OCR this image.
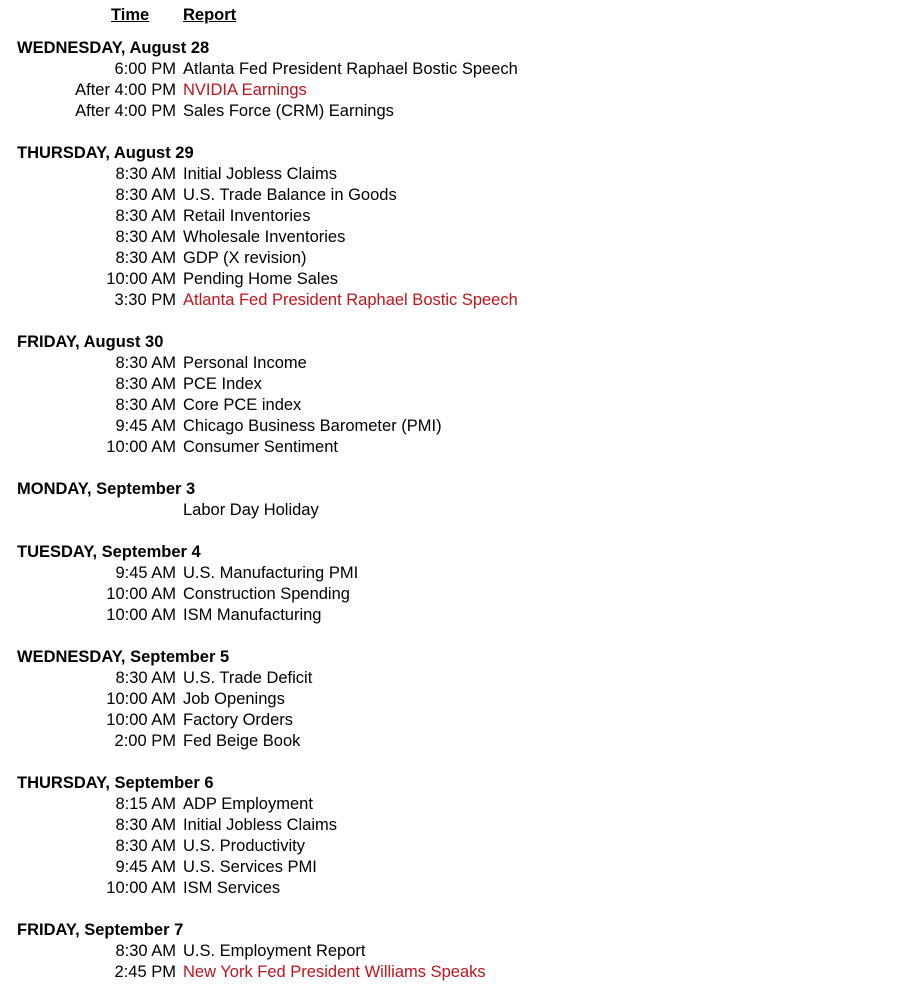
Time	Report
WEDNESDAY, August 28
6:00 PM Atlanta Fed President Raphael Bostic Speech
After 4:00 PM NVIDIA Earnings
After 4:00 PM Sales Force (CRM) Earnings
THURSDAY, August 29
8:30 AM Initial Jobless Claims
8:30 AM U.S. Trade Balance in Goods
8:30 AM Retail Inventories
8:30 AM Wholesale Inventories
8:30 AM GDP (X revision)
10:00 AM Pending Home Sales
3:30 PM Atlanta Fed President Raphael Bostic Speech
FRIDAY, August 30
8:30 AM Personal Income
8:30 AM PCE Index
8:30 AM Core PCE index
9:45 AM Chicago Business Barometer (PMI)
10:00 AM Consumer Sentiment
MONDAY, September 3
Labor Day Holiday
TUESDAY, September 4
9:45 AM U.S. Manufacturing PMI
10:00 AM Construction Spending
10:00 AM ISM Manufacturing
WEDNESDAY, September 5
8:30 AM U.S. Trade Deficit
10:00 AM Job Openings
10:00 AM Factory Orders
2:00 PM Fed Beige Book
THURSDAY, September 6
8:15 AM ADP Employment
8:30 AM Initial Jobless Claims
8:30 AM U.S. Productivity
9:45 AM U.S. Services PMI
10:00 AM ISM Services
FRIDAY, September 7
8:30 AM U.S. Employment Report
2:45 PM New York Fed President Williams Speaks
